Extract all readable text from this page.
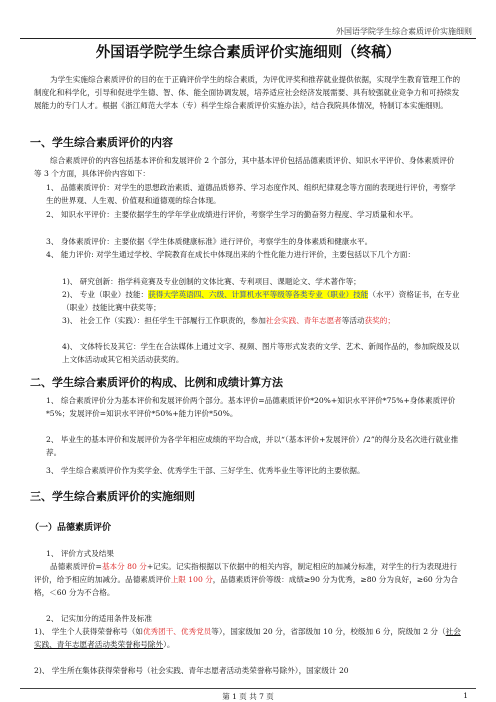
外国语学院学生综合素质评价实施细则
外国语学院学生综合素质评价实施细则（终稿）
为学生实施综合素质评价的目的在于正确评价学生的综合素质，为评优评奖和推荐就业提供依据，实现学生教育管理工作的制度化和科学化，引导和促进学生德、智、体、能全面协调发展，培养适应社会经济发展需要、具有较强就业竞争力和可持续发展能力的专门人才。根据《浙江师范大学本（专）科学生综合素质评价实施办法》，结合我院具体情况，特制订本实施细则。
一、学生综合素质评价的内容
综合素质评价的内容包括基本评价和发展评价 2 个部分，其中基本评价包括品德素质评价、知识水平评价、身体素质评价等 3 个方面，具体评价内容如下：
1、 品德素质评价：对学生的思想政治素质、道德品质修养、学习态度作风、组织纪律观念等方面的表现进行评价，考察学生的世界观、人生观、价值观和道德观的综合体现。
2、 知识水平评价：主要依据学生的学年学业成绩进行评价，考察学生学习的勤奋努力程度、学习质量和水平。
3、 身体素质评价：主要依据《学生体质健康标准》进行评价，考察学生的身体素质和健康水平。
4、 能力评价: 对学生通过学校、学院教育在成长中体现出来的个性化能力进行评价，主要包括以下几个方面：
1)、 研究创新：指学科竞赛及专业创制的文体比赛、专利项目、课题论文、学术著作等；
2)、 专业（职业）技能：获得大学英语四、六级、计算机水平等级等各类专业（职业）技能（水平）资格证书，在专业（职业）技能比赛中获奖等；
3)、 社会工作（实践）：担任学生干部履行工作职责的，参加社会实践、青年志愿者等活动获奖的；
4)、 文体特长及其它：学生在合法媒体上通过文字、视频、图片等形式发表的文学、艺术、新闻作品的，参加院级及以上文体活动或其它相关活动获奖的。
二、学生综合素质评价的构成、比例和成绩计算方法
1、 综合素质评价分为基本评价和发展评价两个部分。基本评价=品德素质评价*20%+知识水平评价*75%+身体素质评价*5%；发展评价=知识水平评价*50%+能力评价*50%。
2、 毕业生的基本评价和发展评价为各学年相应成绩的平均合成，并以“（基本评价+发展评价）/2”的得分及名次进行就业推荐。
3、 学生综合素质评价作为奖学金、优秀学生干部、三好学生、优秀毕业生等评比的主要依据。
三、学生综合素质评价的实施细则
（一）品德素质评价
1、 评价方式及结果
品德素质评价=基本分 80 分+记实。记实指根据以下依据中的相关内容，制定相应的加减分标准，对学生的行为表现进行评价，给予相应的加减分。品德素质评价上限 100 分，品德素质评价等级：成绩≥90 分为优秀，≥80 分为良好，≥60 分为合格，＜60 分为不合格。
2、 记实加分的适用条件及标准
1)、 学生个人获得荣誉称号（如优秀团干、优秀党员等），国家级加 20 分，省部级加 10 分，校级加 6 分，院级加 2 分（社会实践、青年志愿者活动类荣誉称号除外）。
2)、 学生所在集体获得荣誉称号（社会实践、青年志愿者活动类荣誉称号除外），国家级计 20
第 1 页 共 7 页	1
